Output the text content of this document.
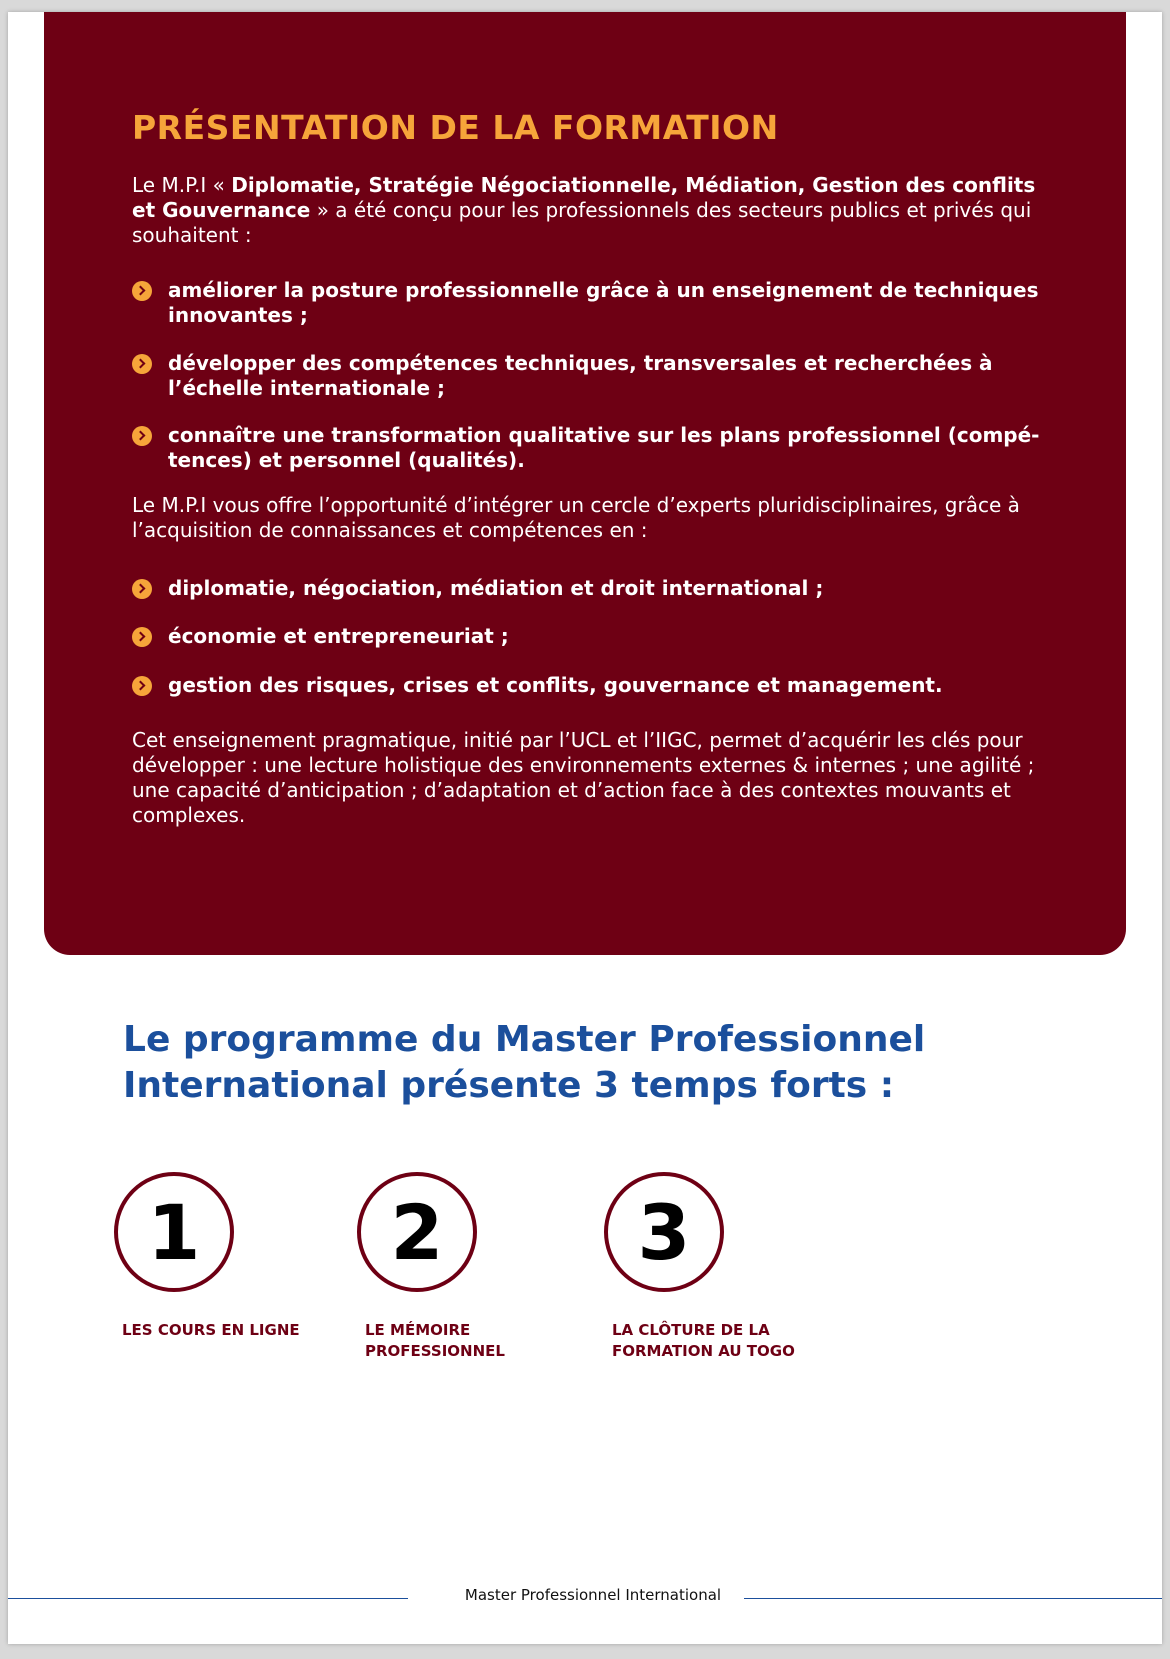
PRÉSENTATION DE LA FORMATION

Le M.P.I « Diplomatie, Stratégie Négociationnelle, Médiation, Gestion des conflits et Gouvernance » a été conçu pour les professionnels des secteurs publics et privés qui souhaitent :

améliorer la posture professionnelle grâce à un enseignement de techniques innovantes ;
développer des compétences techniques, transversales et recherchées à l’échelle internationale ;
connaître une transformation qualitative sur les plans professionnel (compé-tences) et personnel (qualités).

Le M.P.I vous offre l’opportunité d’intégrer un cercle d’experts pluridisciplinaires, grâce à l’acquisition de connaissances et compétences en :

diplomatie, négociation, médiation et droit international ;
économie et entrepreneuriat ;
gestion des risques, crises et conflits, gouvernance et management.

Cet enseignement pragmatique, initié par l’UCL et l’IIGC, permet d’acquérir les clés pour développer : une lecture holistique des environnements externes & internes ; une agilité ; une capacité d’anticipation ; d’adaptation et d’action face à des contextes mouvants et complexes.

Le programme du Master Professionnel International présente 3 temps forts :
1
LES COURS EN LIGNE
2
LE MÉMOIRE PROFESSIONNEL
3
LA CLÔTURE DE LA FORMATION AU TOGO
Master Professionnel International
